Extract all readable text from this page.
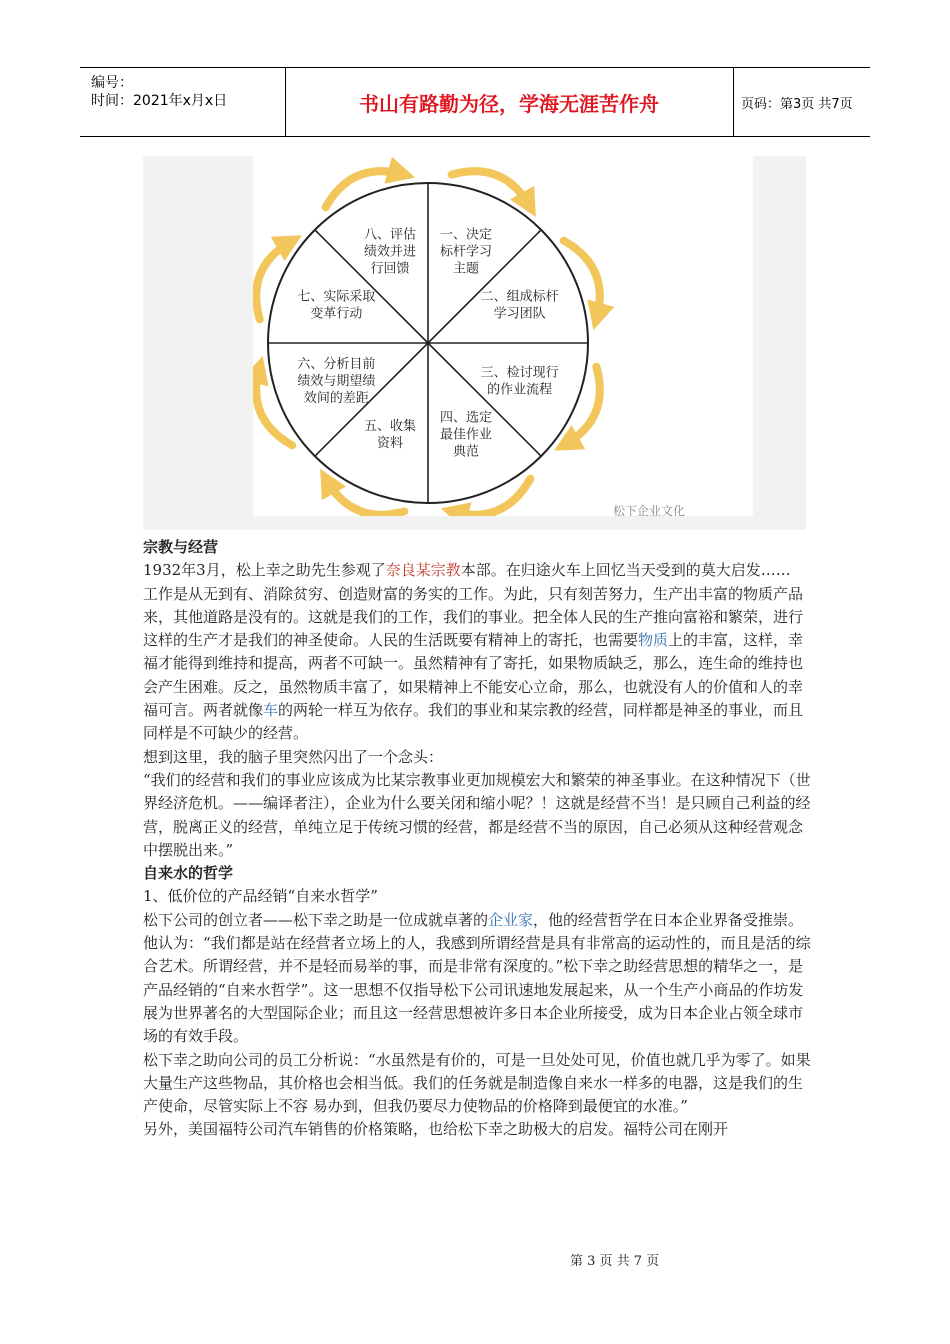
编号：
时间：2021年x月x日	书山有路勤为径，学海无涯苦作舟	页码：第3页 共7页
一、决定标杆学习主题
二、组成标杆学习团队
三、检讨现行的作业流程
四、选定最佳作业典范
五、收集资料
六、分析目前绩效与期望绩效间的差距
七、实际采取变革行动
八、评估绩效并进行回馈
松下企业文化

宗教与经营

1932年3月，松上幸之助先生参观了奈良某宗教本部。在归途火车上回忆当天受到的莫大启发……

工作是从无到有、消除贫穷、创造财富的务实的工作。为此，只有刻苦努力，生产出丰富的物质产品来，其他道路是没有的。这就是我们的工作，我们的事业。把全体人民的生产推向富裕和繁荣，进行这样的生产才是我们的神圣使命。人民的生活既要有精神上的寄托，也需要物质上的丰富，这样，幸福才能得到维持和提高，两者不可缺一。虽然精神有了寄托，如果物质缺乏，那么，连生命的维持也会产生困难。反之，虽然物质丰富了，如果精神上不能安心立命，那么，也就没有人的价值和人的幸福可言。两者就像车的两轮一样互为依存。我们的事业和某宗教的经营，同样都是神圣的事业，而且同样是不可缺少的经营。

想到这里，我的脑子里突然闪出了一个念头：

“我们的经营和我们的事业应该成为比某宗教事业更加规模宏大和繁荣的神圣事业。在这种情况下（世界经济危机。——编译者注），企业为什么要关闭和缩小呢？！这就是经营不当！是只顾自己利益的经营，脱离正义的经营，单纯立足于传统习惯的经营，都是经营不当的原因，自己必须从这种经营观念中摆脱出来。”

自来水的哲学

1、低价位的产品经销“自来水哲学”

松下公司的创立者——松下幸之助是一位成就卓著的企业家，他的经营哲学在日本企业界备受推崇。他认为：“我们都是站在经营者立场上的人，我感到所谓经营是具有非常高的运动性的，而且是活的综合艺术。所谓经营，并不是轻而易举的事，而是非常有深度的。”松下幸之助经营思想的精华之一，是产品经销的“自来水哲学”。这一思想不仅指导松下公司讯速地发展起来，从一个生产小商品的作坊发展为世界著名的大型国际企业；而且这一经营思想被许多日本企业所接受，成为日本企业占领全球市场的有效手段。

松下幸之助向公司的员工分析说：“水虽然是有价的，可是一旦处处可见，价值也就几乎为零了。如果大量生产这些物品，其价格也会相当低。我们的任务就是制造像自来水一样多的电器，这是我们的生产使命，尽管实际上不容 易办到，但我仍要尽力使物品的价格降到最便宜的水准。”

另外，美国福特公司汽车销售的价格策略，也给松下幸之助极大的启发。福特公司在刚开

第 3 页 共 7 页
